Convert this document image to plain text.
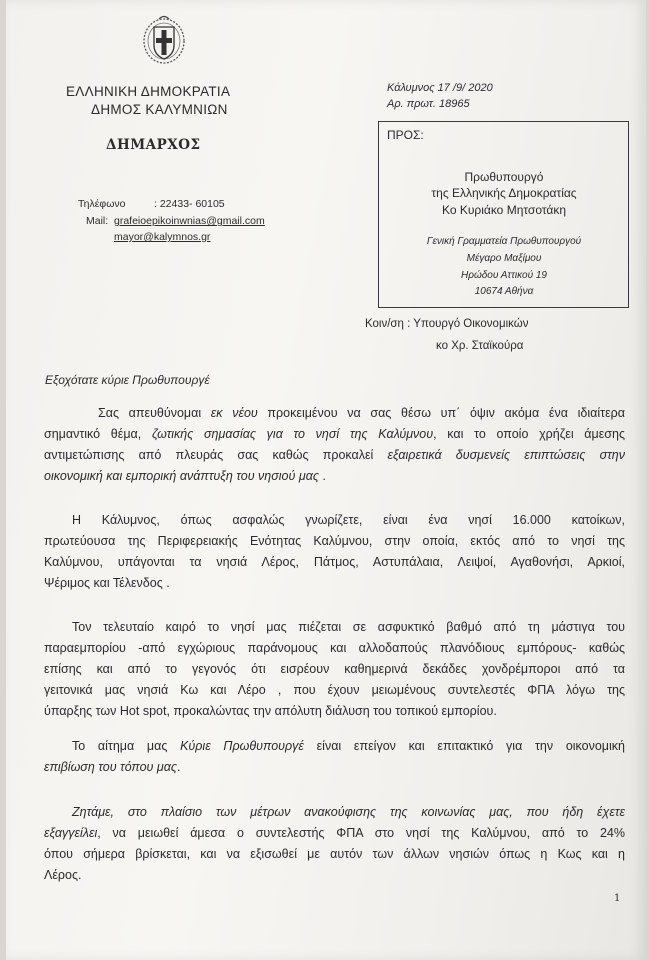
ΕΛΛΗΝΙΚΗ ΔΗΜΟΚΡΑΤΙΑ
ΔΗΜΟΣ ΚΑΛΥΜΝΙΩΝ
ΔΗΜΑΡΧΟΣ
Τηλέφωνο	: 22433- 60105
Mail: grafeioepikoinwnias@gmail.com
mayor@kalymnos.gr
Κάλυμνος 17 /9/ 2020
Αρ. πρωτ. 18965
ΠΡΟΣ:
Πρωθυπουργό
της Ελληνικής Δημοκρατίας
Κο Κυριάκο Μητσοτάκη
Γενική Γραμματεία Πρωθυπουργού
Μέγαρο Μαξίμου
Ηρώδου Αττικού 19
10674 Αθήνα
Κοιν/ση : Υπουργό Οικονομικών
κο Χρ. Σταϊκούρα
Εξοχότατε κύριε Πρωθυπουργέ
Σας απευθύνομαι εκ νέου προκειμένου να σας θέσω υπ΄ όψιν ακόμα ένα ιδιαίτερα
σημαντικό θέμα, ζωτικής σημασίας για το νησί της Καλύμνου, και το οποίο χρήζει άμεσης
αντιμετώπισης από πλευράς σας καθώς προκαλεί εξαιρετικά δυσμενείς επιπτώσεις στην
οικονομική και εμπορική ανάπτυξη του νησιού μας .
Η Κάλυμνος, όπως ασφαλώς γνωρίζετε, είναι ένα νησί 16.000 κατοίκων,
πρωτεύουσα της Περιφερειακής Ενότητας Καλύμνου, στην οποία, εκτός από το νησί της
Καλύμνου, υπάγονται τα νησιά Λέρος, Πάτμος, Αστυπάλαια, Λειψοί, Αγαθονήσι, Αρκιοί,
Ψέριμος και Τέλενδος .
Τον τελευταίο καιρό το νησί μας πιέζεται σε ασφυκτικό βαθμό από τη μάστιγα του
παραεμπορίου -από εγχώριους παράνομους και αλλοδαπούς πλανόδιους εμπόρους- καθώς
επίσης και από το γεγονός ότι εισρέουν καθημερινά δεκάδες χονδρέμποροι από τα
γειτονικά μας νησιά Κω και Λέρο , που έχουν μειωμένους συντελεστές ΦΠΑ λόγω της
ύπαρξης των Hot spot, προκαλώντας την απόλυτη διάλυση του τοπικού εμπορίου.
Το αίτημα μας Κύριε Πρωθυπουργέ είναι επείγον και επιτακτικό για την οικονομική
επιβίωση του τόπου μας.
Ζητάμε, στο πλαίσιο των μέτρων ανακούφισης της κοινωνίας μας, που ήδη έχετε
εξαγγείλει, να μειωθεί άμεσα ο συντελεστής ΦΠΑ στο νησί της Καλύμνου, από το 24%
όπου σήμερα βρίσκεται, και να εξισωθεί με αυτόν των άλλων νησιών όπως η Κως και η
Λέρος.
1
